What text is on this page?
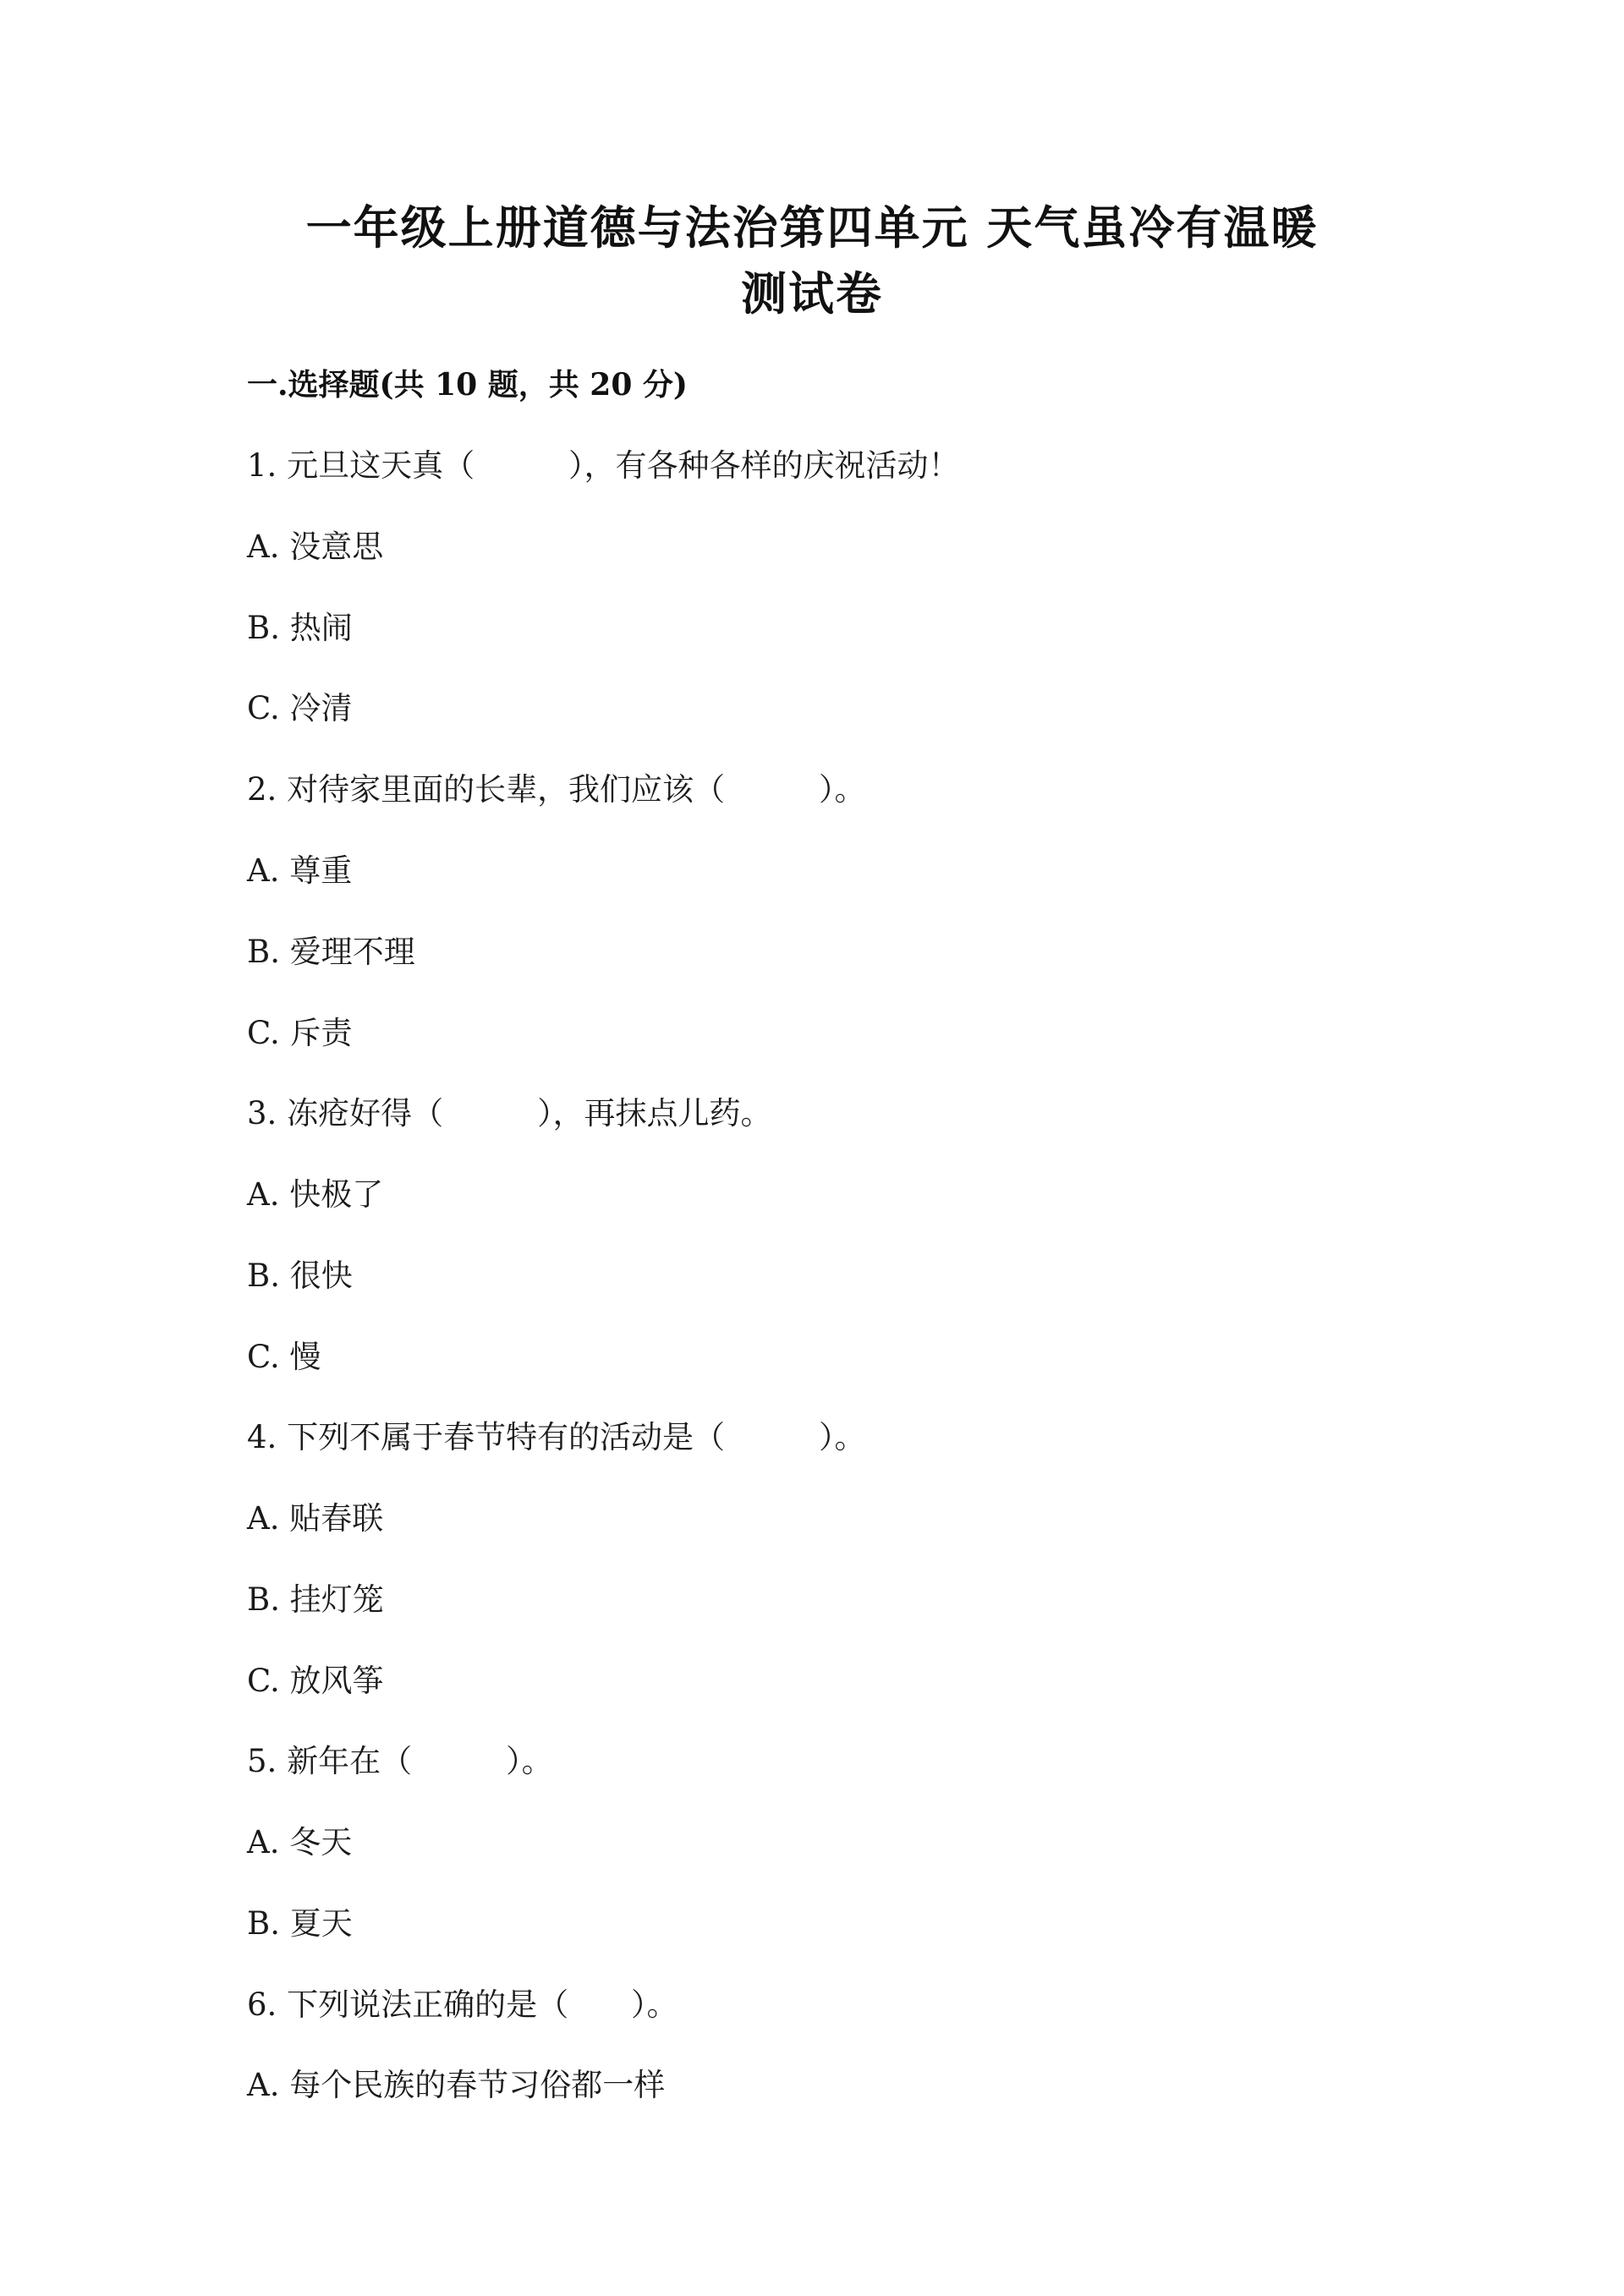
一年级上册道德与法治第四单元 天气虽冷有温暖
测试卷
一.选择题(共 10 题，共 20 分)
1. 元旦这天真（　　　），有各种各样的庆祝活动！
A. 没意思
B. 热闹
C. 冷清
2. 对待家里面的长辈，我们应该（　　　）。
A. 尊重
B. 爱理不理
C. 斥责
3. 冻疮好得（　　　），再抹点儿药。
A. 快极了
B. 很快
C. 慢
4. 下列不属于春节特有的活动是（　　　）。
A. 贴春联
B. 挂灯笼
C. 放风筝
5. 新年在（　　　）。
A. 冬天
B. 夏天
6. 下列说法正确的是（　　）。
A. 每个民族的春节习俗都一样
